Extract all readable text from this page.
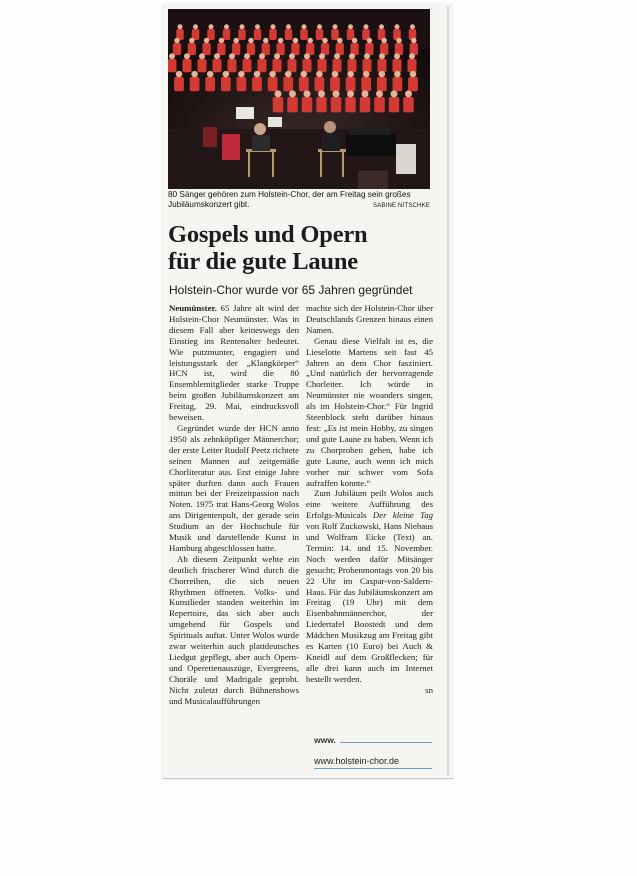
80 Sänger gehören zum Holstein-Chor, der am Freitag sein großes Jubiläumskonzert gibt.	SABINE NITSCHKE
Gospels und Opern
für die gute Laune
Holstein-Chor wurde vor 65 Jahren gegründet

Neumünster. 65 Jahre alt wird der Holstein-Chor Neumünster. Was in diesem Fall aber keineswegs den Einstieg ins Rentenalter bedeutet. Wie putzmunter, engagiert und leistungsstark der „Klangkörper“ HCN ist, wird die 80 Ensemblemitglieder starke Truppe beim großen Jubiläumskonzert am Freitag, 29. Mai, eindrucksvoll beweisen.

Gegründet wurde der HCN anno 1950 als zehnköpfiger Männerchor; der erste Leiter Rudolf Peetz richtete seinen Mannen auf zeitgemäße Chorliteratur aus. Erst einige Jahre später durften dann auch Frauen mittun bei der Freizeitpassion nach Noten. 1975 trat Hans-Georg Wolos ans Dirigentenpult, der gerade sein Studium an der Hochschule für Musik und darstellende Kunst in Hamburg abgeschlossen hatte.

Ab diesem Zeitpunkt wehte ein deutlich frischerer Wind durch die Chorreihen, die sich neuen Rhythmen öffneten. Volks- und Kunstlieder standen weiterhin im Repertoire, das sich aber auch umgehend für Gospels und Spirituals auftat. Unter Wolos wurde zwar weiterhin auch plattdeutsches Liedgut gepflegt, aber auch Opern- und Operettenauszüge, Evergreens, Choräle und Madrigale geprobt. Nicht zuletzt durch Bühnenshows und Musicalaufführungen

machte sich der Holstein-Chor über Deutschlands Grenzen hinaus einen Namen.

Genau diese Vielfalt ist es, die Lieselotte Martens seit fast 45 Jahren an dem Chor fasziniert. „Und natürlich der hervorragende Chorleiter. Ich würde in Neumünster nie woanders singen, als im Holstein-Chor.“ Für Ingrid Steenblock steht darüber hinaus fest: „Es ist mein Hobby, zu singen und gute Laune zu haben. Wenn ich zu Chorproben gehen, habe ich gute Laune, auch wenn ich mich vorher nur schwer vom Sofa aufraffen konnte.“

Zum Jubiläum peilt Wolos auch eine weitere Aufführung des Erfolgs-Musicals Der kleine Tag von Rolf Zuckowski, Hans Niehaus und Wolfram Eicke (Text) an. Termin: 14. und 15. November. Noch werden dafür Mitsänger gesucht; Probenmontags von 20 bis 22 Uhr im Caspar-von-Saldern-Haus. Für das Jubiläumskonzert am Freitag (19 Uhr) mit dem Eisenbahnmännerchor, der Liedertafel Boostedt und dem Mädchen Musikzug am Freitag gibt es Karten (10 Euro) bei Auch & Kneidl auf dem Großflecken; für alle drei kann auch im Internet bestellt werden.

sn

www.
www.holstein-chor.de
